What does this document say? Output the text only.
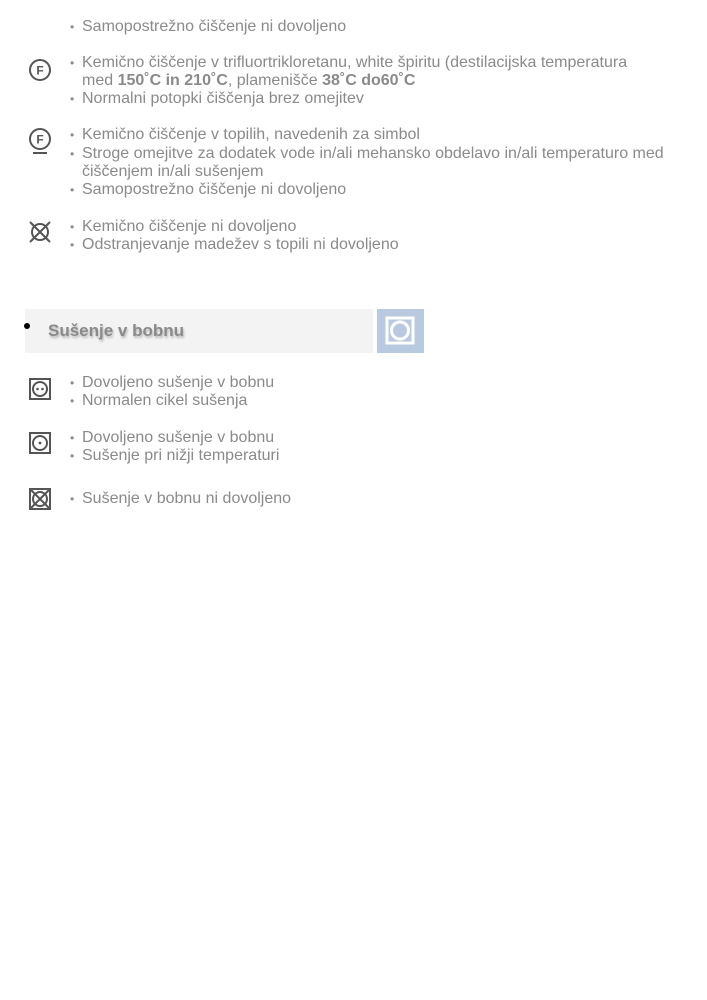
• Samopostrežno čiščenje ni dovoljeno
F
• Kemično čiščenje v trifluortrikloretanu, white špiritu (destilacijska temperatura
med 150˚C in 210˚C, plamenišče 38˚C do60˚C
• Normalni potopki čiščenja brez omejitev
F • Kemično čiščenje v topilih, navedenih za simbol
• Stroge omejitve za dodatek vode in/ali mehansko obdelavo in/ali temperaturo med
čiščenjem in/ali sušenjem
• Samopostrežno čiščenje ni dovoljeno
• Kemično čiščenje ni dovoljeno
• Odstranjevanje madežev s topili ni dovoljeno
Sušenje v bobnu
• Dovoljeno sušenje v bobnu
• Normalen cikel sušenja
• Dovoljeno sušenje v bobnu
• Sušenje pri nižji temperaturi
• Sušenje v bobnu ni dovoljeno
